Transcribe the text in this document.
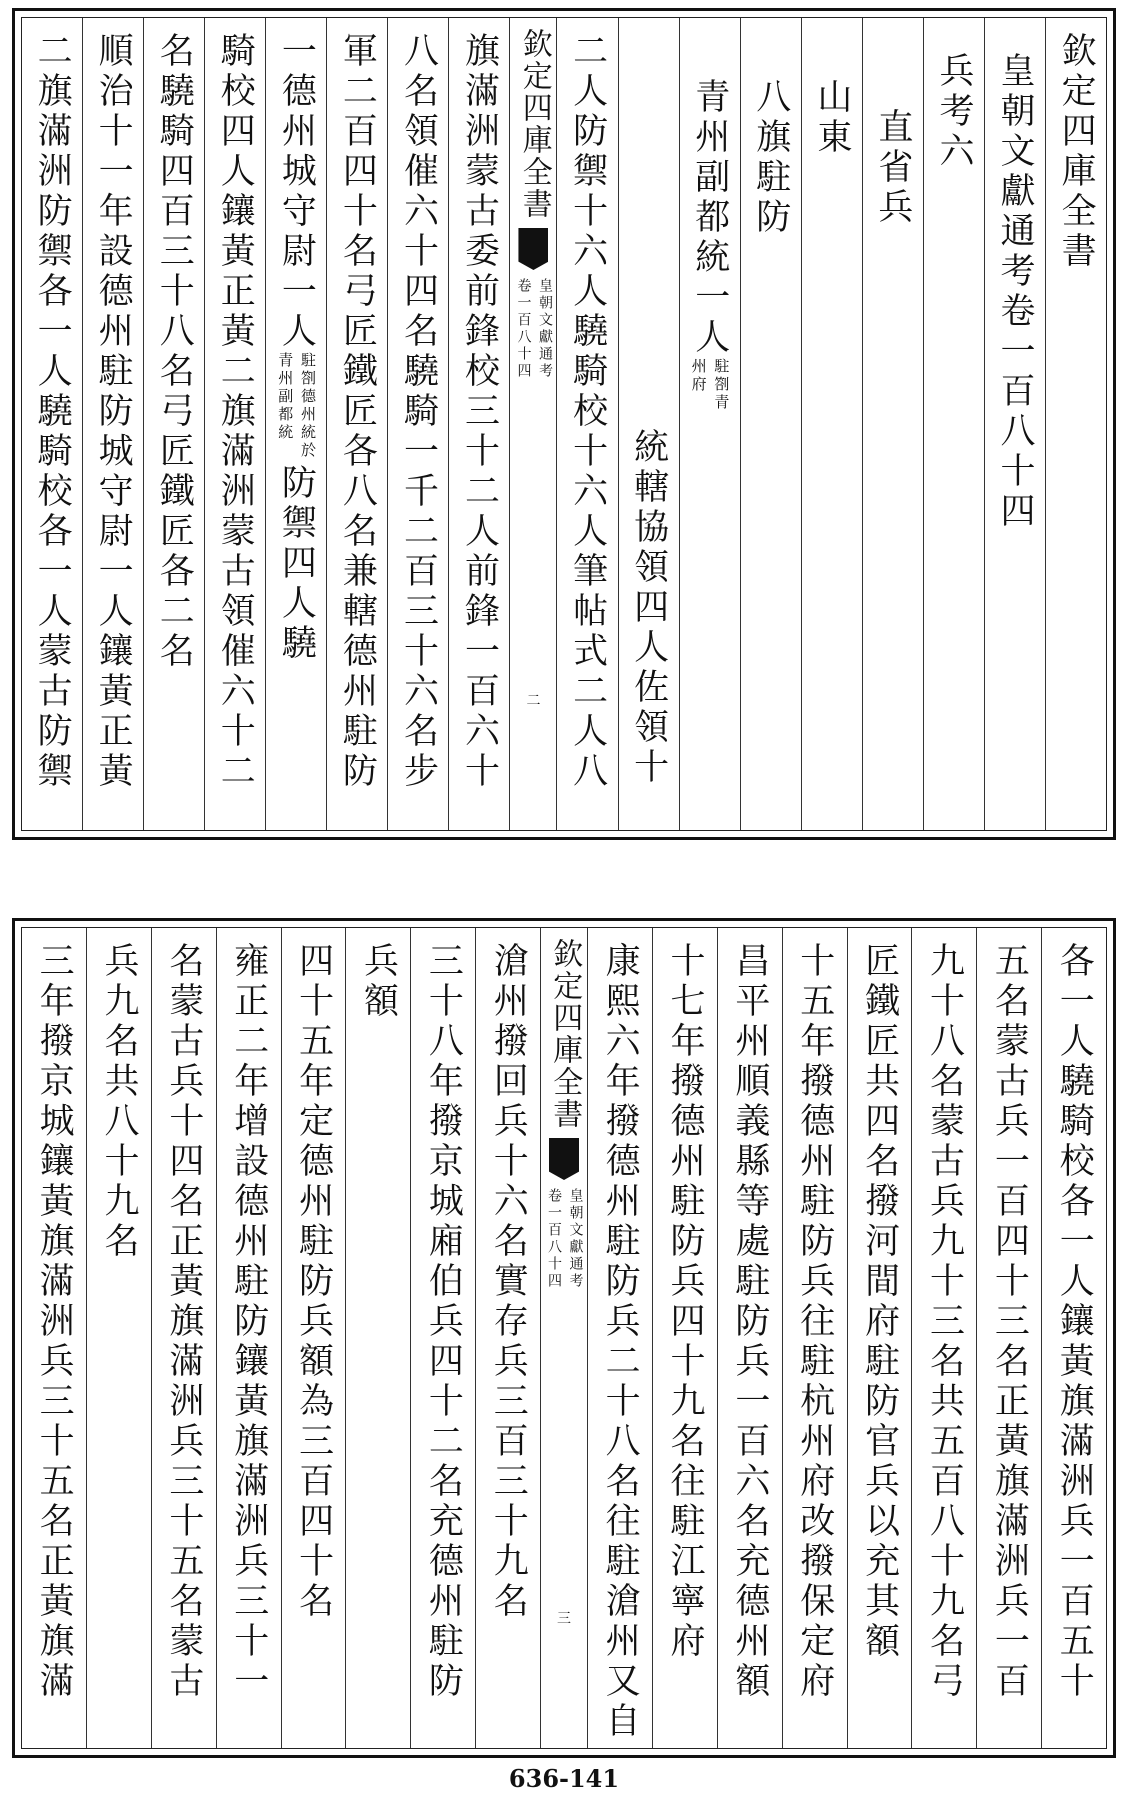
欽定四庫全書
皇朝文獻通考卷一百八十四
兵考六
直省兵
山東
八旗駐防
青州副都統一人
駐劄青
州府
統轄協領四人佐領十
二人防禦十六人驍騎校十六人筆帖式二人八
欽定四庫全書
皇朝文獻通考
卷一百八十四
二
旗滿洲蒙古委前鋒校三十二人前鋒一百六十
八名領催六十四名驍騎一千二百三十六名步
軍二百四十名弓匠鐵匠各八名兼轄德州駐防
一德州城守尉一人
駐劄德州統於
青州副都統
防禦四人驍
騎校四人鑲黃正黃二旗滿洲蒙古領催六十二
名驍騎四百三十八名弓匠鐵匠各二名
順治十一年設德州駐防城守尉一人鑲黃正黃
二旗滿洲防禦各一人驍騎校各一人蒙古防禦
各一人驍騎校各一人鑲黃旗滿洲兵一百五十
五名蒙古兵一百四十三名正黃旗滿洲兵一百
九十八名蒙古兵九十三名共五百八十九名弓
匠鐵匠共四名撥河間府駐防官兵以充其額
十五年撥德州駐防兵往駐杭州府改撥保定府
昌平州順義縣等處駐防兵一百六名充德州額
十七年撥德州駐防兵四十九名往駐江寧府
康熙六年撥德州駐防兵二十八名往駐滄州又自
欽定四庫全書
皇朝文獻通考
卷一百八十四
三
滄州撥回兵十六名實存兵三百三十九名
三十八年撥京城廂伯兵四十二名充德州駐防
兵額
四十五年定德州駐防兵額為三百四十名
雍正二年增設德州駐防鑲黃旗滿洲兵三十一
名蒙古兵十四名正黃旗滿洲兵三十五名蒙古
兵九名共八十九名
三年撥京城鑲黃旗滿洲兵三十五名正黃旗滿
636-141
